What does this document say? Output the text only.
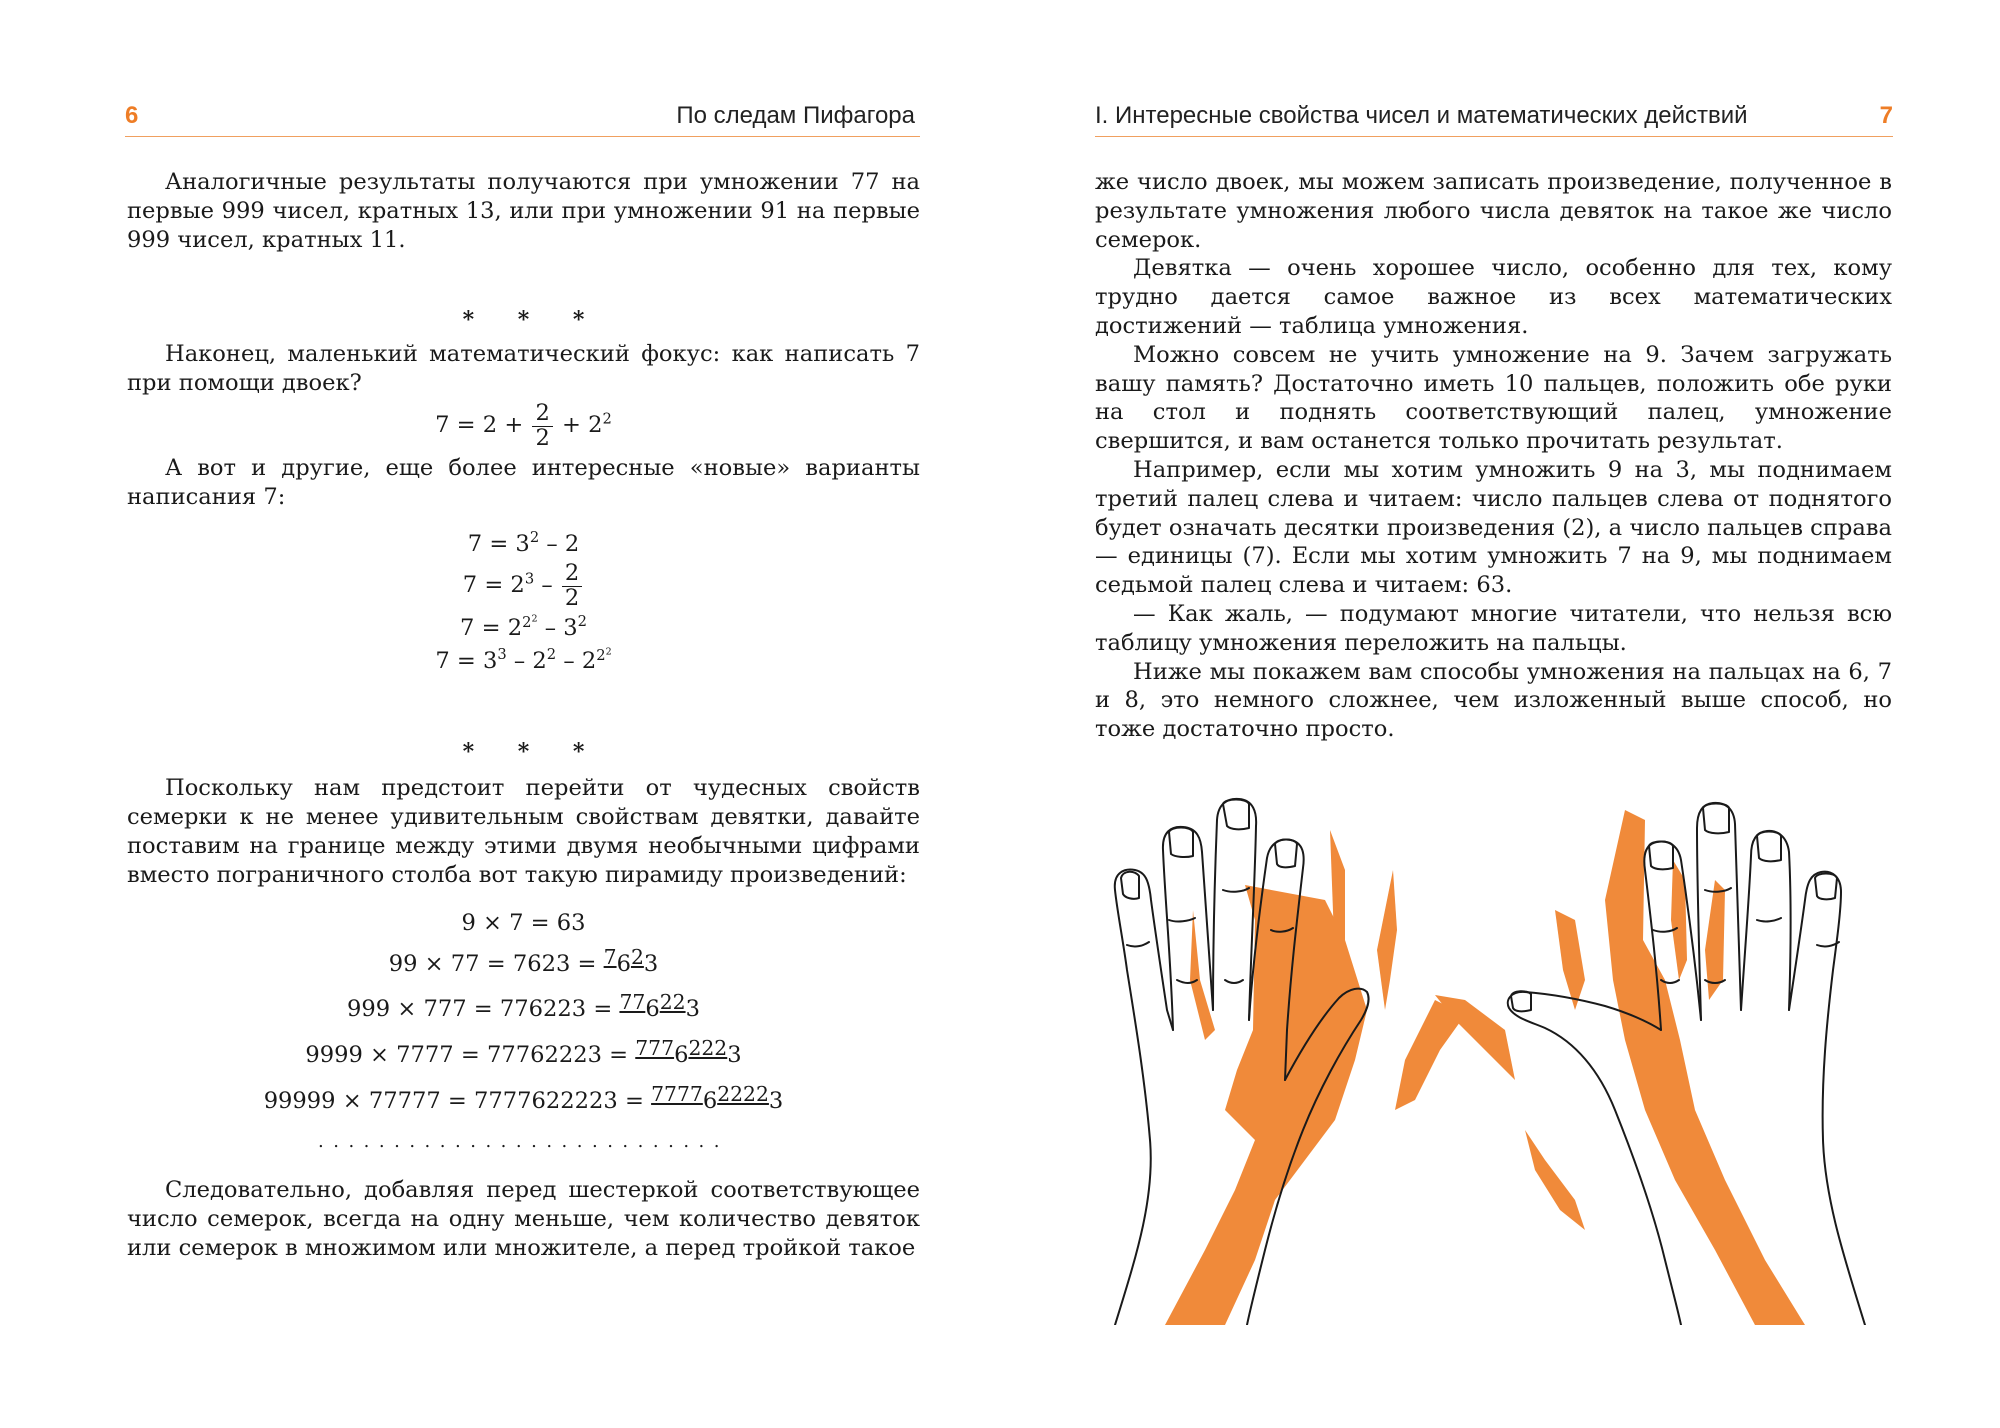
6	По следам Пифагора

Аналогичные результаты получаются при умножении 77 на первые 999 чисел, кратных 13, или при умножении 91 на первые 999 чисел, кратных 11.

* * *

Наконец, маленький математический фокус: как написать 7 при помощи двоек?

$7 = 2 + \frac{2}{2} + 2^2$

А вот и другие, еще более интересные «новые» варианты написания 7:

$7 = 3^2 - 2$
$7 = 2^3 - \frac{2}{2}$
$7 = 2^{2^2} - 3^2$
$7 = 3^3 - 2^2 - 2^{2^2}$
* * *

Поскольку нам предстоит перейти от чудесных свойств семерки к не менее удивительным свойствам девятки, давайте поставим на границе между этими двумя необычными цифрами вместо пограничного столба вот такую пирамиду произведений:

9 × 7 = 63
99 × 77 = 7623 = 7623
999 × 777 = 776223 = 776223
9999 × 7777 = 77762223 = 77762223
99999 × 77777 = 7777622223 = 7777622223
...........................

Следовательно, добавляя перед шестеркой соответствующее число семерок, всегда на одну меньше, чем количество девяток или семерок в множимом или множителе, а перед тройкой такое

I. Интересные свойства чисел и математических действий	7

же число двоек, мы можем записать произведение, полученное в результате умножения любого числа девяток на такое же число семерок.

Девятка — очень хорошее число, особенно для тех, кому трудно дается самое важное из всех математических достижений — таблица умножения.

Можно совсем не учить умножение на 9. Зачем загружать вашу память? Достаточно иметь 10 пальцев, положить обе руки на стол и поднять соответствующий палец, умножение свершится, и вам останется только прочитать результат.

Например, если мы хотим умножить 9 на 3, мы поднимаем третий палец слева и читаем: число пальцев слева от поднятого будет означать десятки произведения (2), а число пальцев справа — единицы (7). Если мы хотим умножить 7 на 9, мы поднимаем седьмой палец слева и читаем: 63.

— Как жаль, — подумают многие читатели, что нельзя всю таблицу умножения переложить на пальцы.

Ниже мы покажем вам способы умножения на пальцах на 6, 7 и 8, это немного сложнее, чем изложенный выше способ, но тоже достаточно просто.
